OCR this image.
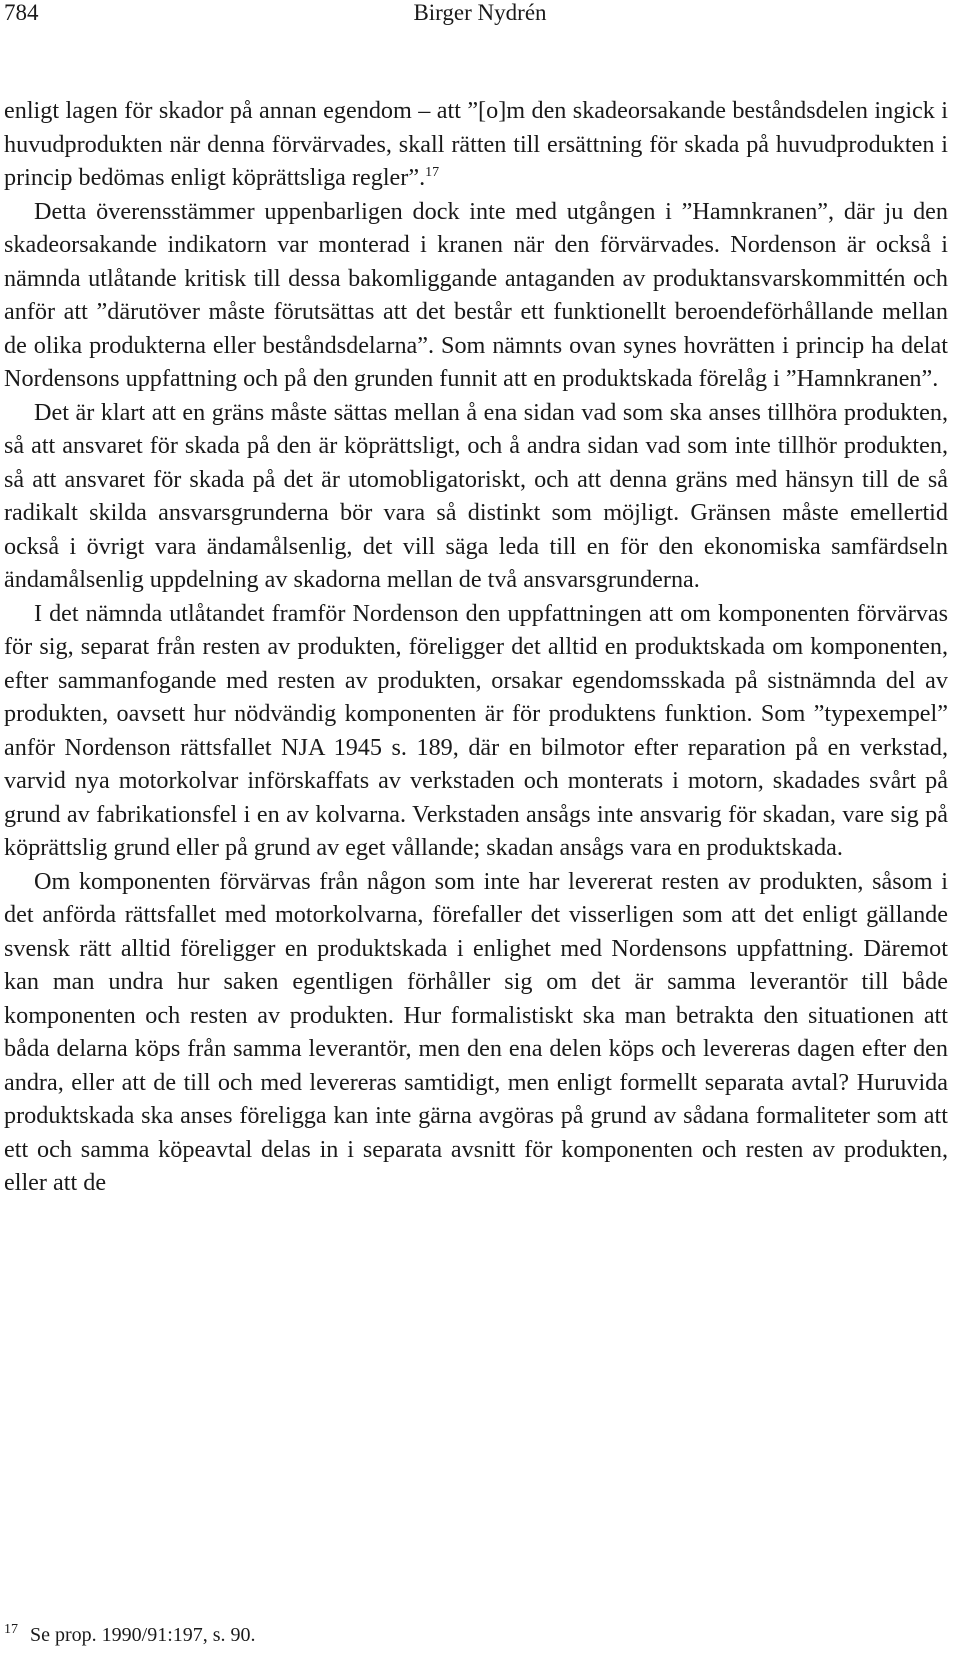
784	Birger Nydrén

enligt lagen för skador på annan egendom – att ”[o]m den skadeorsakande beståndsdelen ingick i huvudprodukten när denna förvärvades, skall rätten till ersättning för skada på huvudprodukten i princip bedömas enligt köprättsliga regler”.$^{17}$

Detta överensstämmer uppenbarligen dock inte med utgången i ”Hamnkranen”, där ju den skadeorsakande indikatorn var monterad i kranen när den förvärvades. Nordenson är också i nämnda utlåtande kritisk till dessa bakomliggande antaganden av produktansvarskommittén och anför att ”därutöver måste förutsättas att det består ett funktionellt beroendeförhållande mellan de olika produkterna eller beståndsdelarna”. Som nämnts ovan synes hovrätten i princip ha delat Nordensons uppfattning och på den grunden funnit att en produktskada förelåg i ”Hamnkranen”.

Det är klart att en gräns måste sättas mellan å ena sidan vad som ska anses tillhöra produkten, så att ansvaret för skada på den är köprättsligt, och å andra sidan vad som inte tillhör produkten, så att ansvaret för skada på det är utomobligatoriskt, och att denna gräns med hänsyn till de så radikalt skilda ansvarsgrunderna bör vara så distinkt som möjligt. Gränsen måste emellertid också i övrigt vara ändamålsenlig, det vill säga leda till en för den ekonomiska samfärdseln ändamålsenlig uppdelning av skadorna mellan de två ansvarsgrunderna.

I det nämnda utlåtandet framför Nordenson den uppfattningen att om komponenten förvärvas för sig, separat från resten av produkten, föreligger det alltid en produktskada om komponenten, efter sammanfogande med resten av produkten, orsakar egendomsskada på sistnämnda del av produkten, oavsett hur nödvändig komponenten är för produktens funktion. Som ”typexempel” anför Nordenson rättsfallet NJA 1945 s. 189, där en bilmotor efter reparation på en verkstad, varvid nya motorkolvar införskaffats av verkstaden och monterats i motorn, skadades svårt på grund av fabrikationsfel i en av kolvarna. Verkstaden ansågs inte ansvarig för skadan, vare sig på köprättslig grund eller på grund av eget vållande; skadan ansågs vara en produktskada.

Om komponenten förvärvas från någon som inte har levererat resten av produkten, såsom i det anförda rättsfallet med motorkolvarna, förefaller det visserligen som att det enligt gällande svensk rätt alltid föreligger en produktskada i enlighet med Nordensons uppfattning. Däremot kan man undra hur saken egentligen förhåller sig om det är samma leverantör till både komponenten och resten av produkten. Hur formalistiskt ska man betrakta den situationen att båda delarna köps från samma leverantör, men den ena delen köps och levereras dagen efter den andra, eller att de till och med levereras samtidigt, men enligt formellt separata avtal? Huruvida produktskada ska anses föreligga kan inte gärna avgöras på grund av sådana formaliteter som att ett och samma köpeavtal delas in i separata avsnitt för komponenten och resten av produkten, eller att de

$^{17}$ Se prop. 1990/91:197, s. 90.
